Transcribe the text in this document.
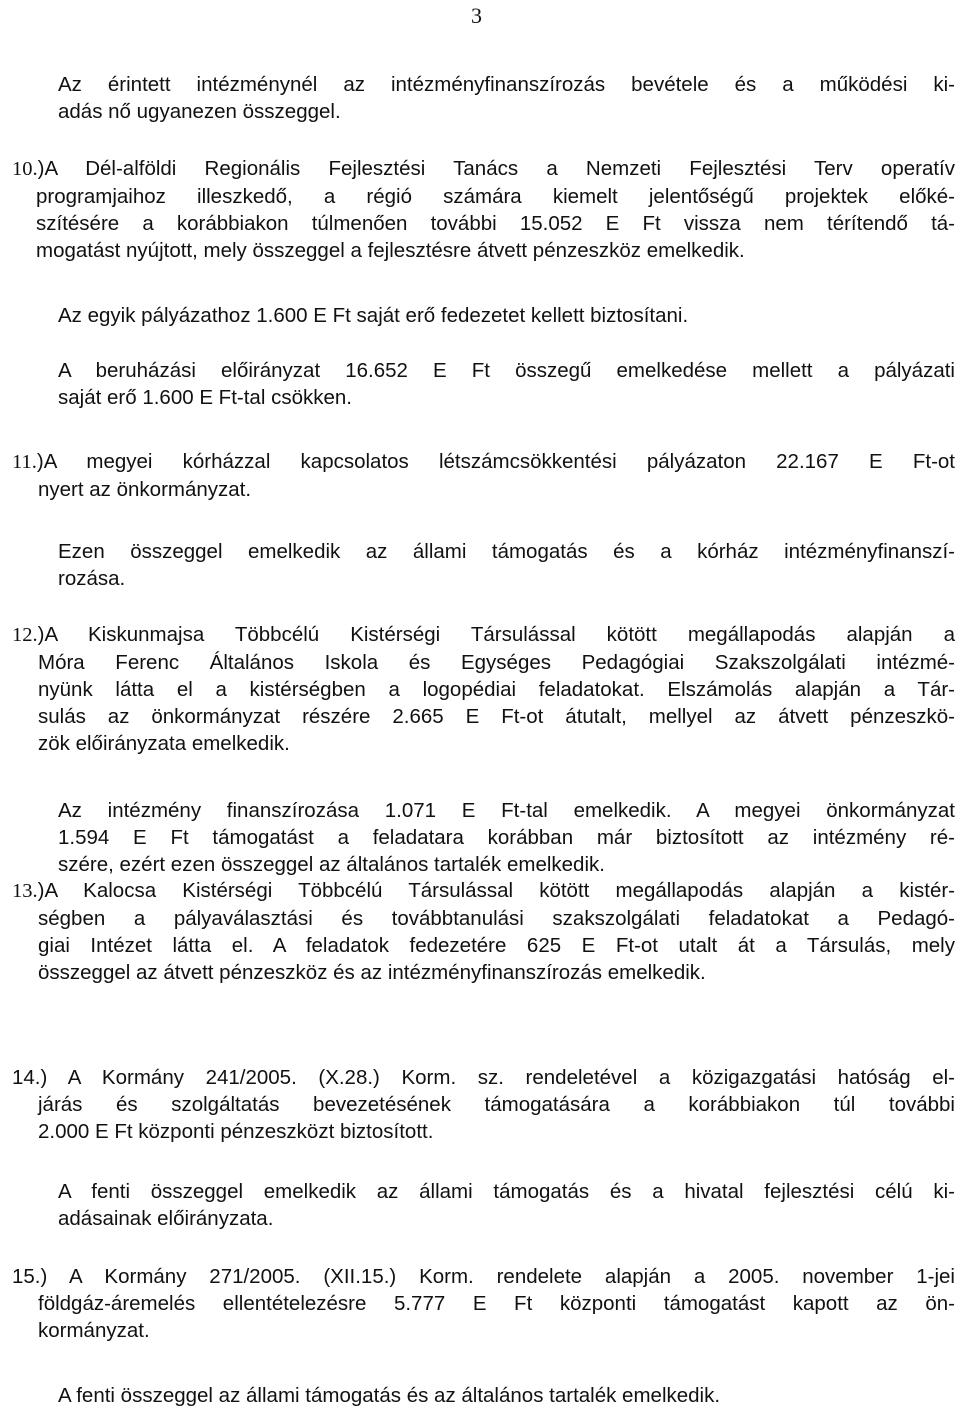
3
Az érintett intézménynél az intézményfinanszírozás bevétele és a működési ki-
adás nő ugyanezen összeggel.
10.)A Dél-alföldi Regionális Fejlesztési Tanács a Nemzeti Fejlesztési Terv operatív
programjaihoz illeszkedő, a régió számára kiemelt jelentőségű projektek előké-
szítésére a korábbiakon túlmenően további 15.052 E Ft vissza nem térítendő tá-
mogatást nyújtott, mely összeggel a fejlesztésre átvett pénzeszköz emelkedik.
Az egyik pályázathoz 1.600 E Ft saját erő fedezetet kellett biztosítani.
A beruházási előirányzat 16.652 E Ft összegű emelkedése mellett a pályázati
saját erő 1.600 E Ft-tal csökken.
11.)A megyei kórházzal kapcsolatos létszámcsökkentési pályázaton 22.167 E Ft-ot
nyert az önkormányzat.
Ezen összeggel emelkedik az állami támogatás és a kórház intézményfinanszí-
rozása.
12.)A Kiskunmajsa Többcélú Kistérségi Társulással kötött megállapodás alapján a
Móra Ferenc Általános Iskola és Egységes Pedagógiai Szakszolgálati intézmé-
nyünk látta el a kistérségben a logopédiai feladatokat. Elszámolás alapján a Tár-
sulás az önkormányzat részére 2.665 E Ft-ot átutalt, mellyel az átvett pénzeszkö-
zök előirányzata emelkedik.
Az intézmény finanszírozása 1.071 E Ft-tal emelkedik. A megyei önkormányzat
1.594 E Ft támogatást a feladatara korábban már biztosított az intézmény ré-
szére, ezért ezen összeggel az általános tartalék emelkedik.
13.)A Kalocsa Kistérségi Többcélú Társulással kötött megállapodás alapján a kistér-
ségben a pályaválasztási és továbbtanulási szakszolgálati feladatokat a Pedagó-
giai Intézet látta el. A feladatok fedezetére 625 E Ft-ot utalt át a Társulás, mely
összeggel az átvett pénzeszköz és az intézményfinanszírozás emelkedik.
14.) A Kormány 241/2005. (X.28.) Korm. sz. rendeletével a közigazgatási hatóság el-
járás és szolgáltatás bevezetésének támogatására a korábbiakon túl további
2.000 E Ft központi pénzeszközt biztosított.
A fenti összeggel emelkedik az állami támogatás és a hivatal fejlesztési célú ki-
adásainak előirányzata.
15.) A Kormány 271/2005. (XII.15.) Korm. rendelete alapján a 2005. november 1-jei
földgáz-áremelés ellentételezésre 5.777 E Ft központi támogatást kapott az ön-
kormányzat.
A fenti összeggel az állami támogatás és az általános tartalék emelkedik.
